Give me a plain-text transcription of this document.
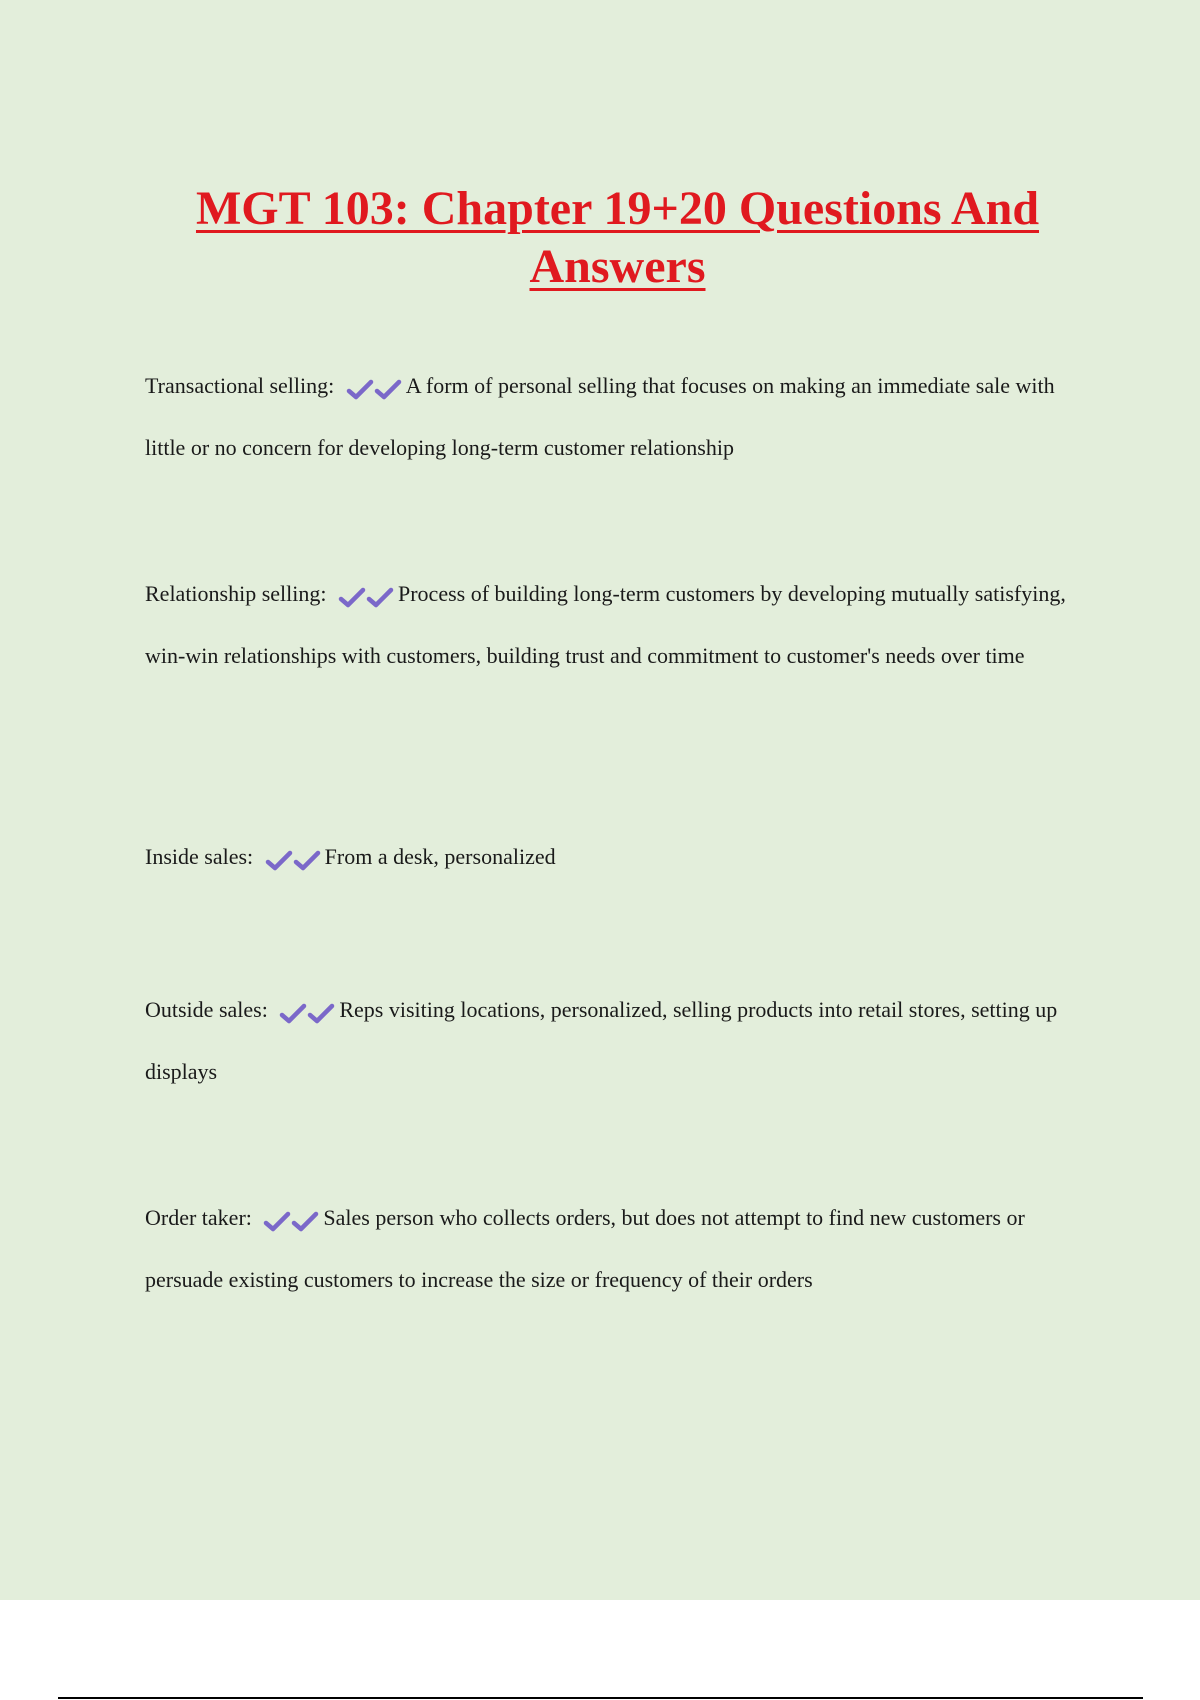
MGT 103: Chapter 19+20 Questions And Answers

Transactional selling:	A form of personal selling that focuses on making an immediate sale with little or no concern for developing long-term customer relationship

Relationship selling:	Process of building long-term customers by developing mutually satisfying, win-win relationships with customers, building trust and commitment to customer's needs over time

Inside sales:	From a desk, personalized

Outside sales:	Reps visiting locations, personalized, selling products into retail stores, setting up displays

Order taker:	Sales person who collects orders, but does not attempt to find new customers or persuade existing customers to increase the size or frequency of their orders
